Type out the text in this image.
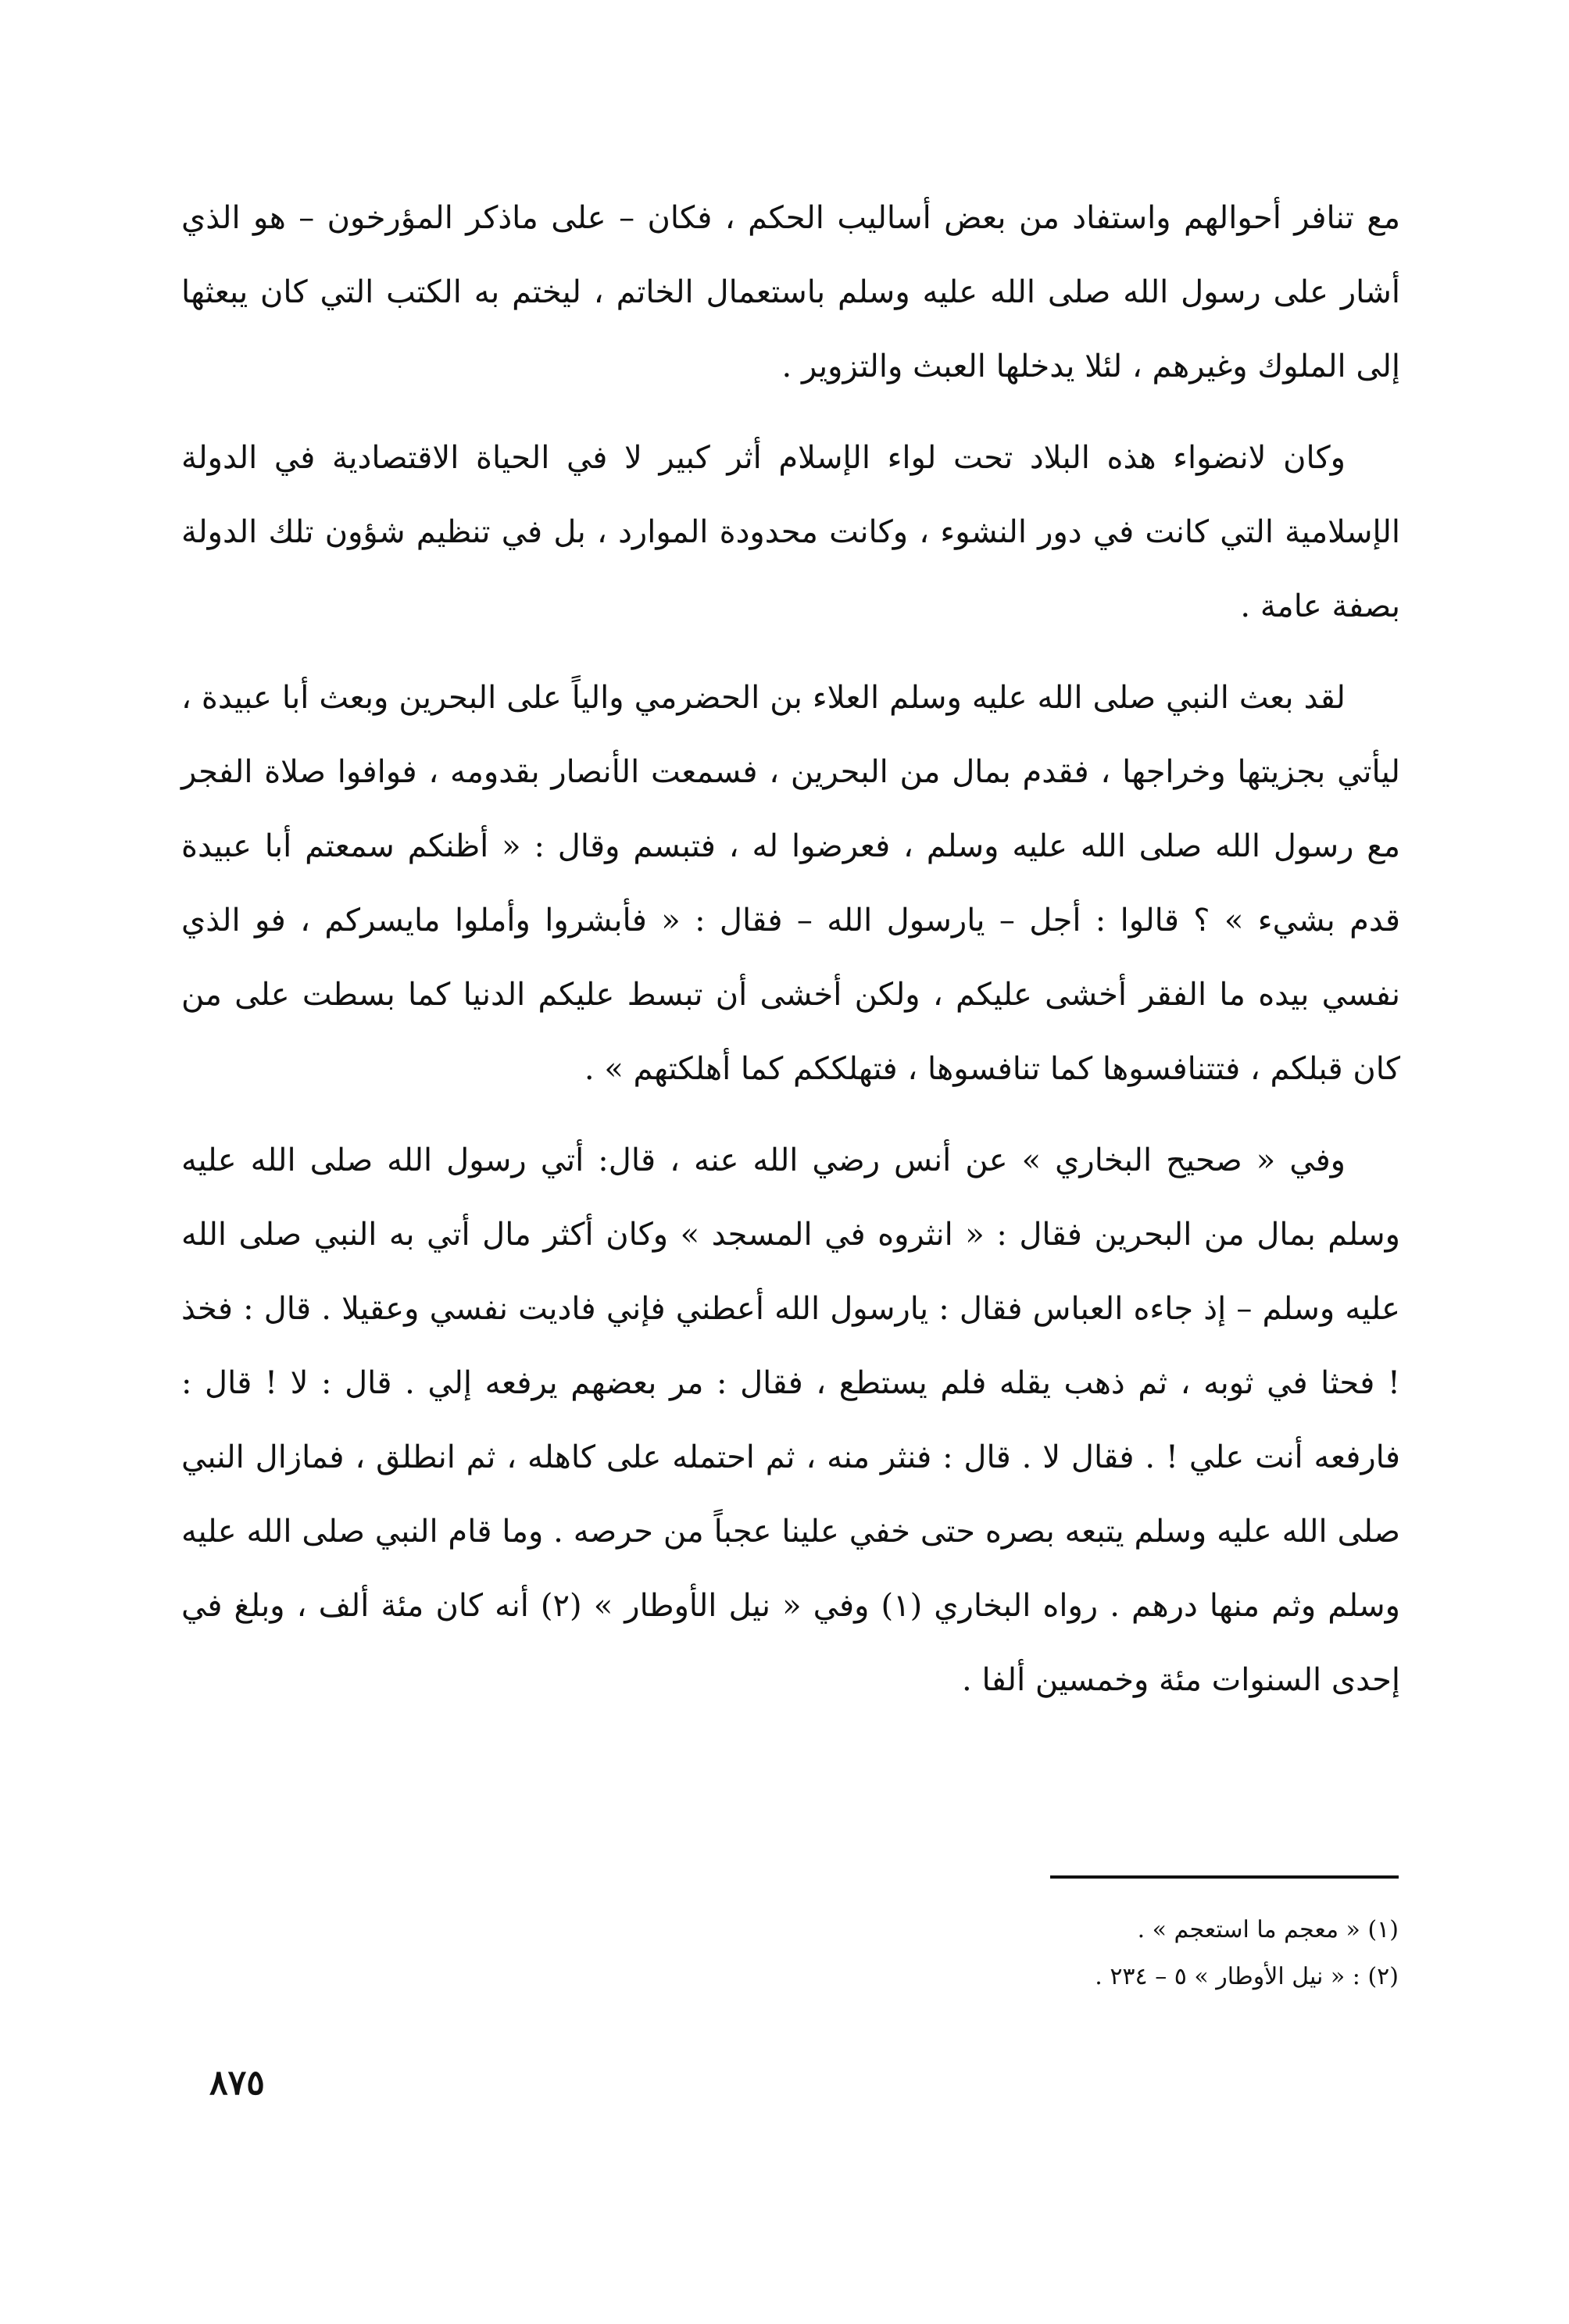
مع تنافر أحوالهم واستفاد من بعض أساليب الحكم ، فكان – على ماذكر المؤرخون – هو الذي أشار على رسول الله صلى الله عليه وسلم باستعمال الخاتم ، ليختم به الكتب التي كان يبعثها إلى الملوك وغيرهم ، لئلا يدخلها العبث والتزوير .

وكان لانضواء هذه البلاد تحت لواء الإسلام أثر كبير لا في الحياة الاقتصادية في الدولة الإسلامية التي كانت في دور النشوء ، وكانت محدودة الموارد ، بل في تنظيم شؤون تلك الدولة بصفة عامة .

لقد بعث النبي صلى الله عليه وسلم العلاء بن الحضرمي والياً على البحرين وبعث أبا عبيدة ، ليأتي بجزيتها وخراجها ، فقدم بمال من البحرين ، فسمعت الأنصار بقدومه ، فوافوا صلاة الفجر مع رسول الله صلى الله عليه وسلم ، فعرضوا له ، فتبسم وقال : « أظنكم سمعتم أبا عبيدة قدم بشيء » ؟ قالوا : أجل – يارسول الله – فقال : « فأبشروا وأملوا مايسركم ، فو الذي نفسي بيده ما الفقر أخشى عليكم ، ولكن أخشى أن تبسط عليكم الدنيا كما بسطت على من كان قبلكم ، فتتنافسوها كما تنافسوها ، فتهلككم كما أهلكتهم » .

وفي « صحيح البخاري » عن أنس رضي الله عنه ، قال: أتي رسول الله صلى الله عليه وسلم بمال من البحرين فقال : « انثروه في المسجد » وكان أكثر مال أتي به النبي صلى الله عليه وسلم – إذ جاءه العباس فقال : يارسول الله أعطني فإني فاديت نفسي وعقيلا . قال : فخذ ! فحثا في ثوبه ، ثم ذهب يقله فلم يستطع ، فقال : مر بعضهم يرفعه إلي . قال : لا ! قال : فارفعه أنت علي ! . فقال لا . قال : فنثر منه ، ثم احتمله على كاهله ، ثم انطلق ، فمازال النبي صلى الله عليه وسلم يتبعه بصره حتى خفي علينا عجباً من حرصه . وما قام النبي صلى الله عليه وسلم وثم منها درهم . رواه البخاري (١) وفي « نيل الأوطار » (٢) أنه كان مئة ألف ، وبلغ في إحدى السنوات مئة وخمسين ألفا .

(١) « معجم ما استعجم » .

(٢) : « نيل الأوطار » ٥ – ٢٣٤ .

٨٧٥
